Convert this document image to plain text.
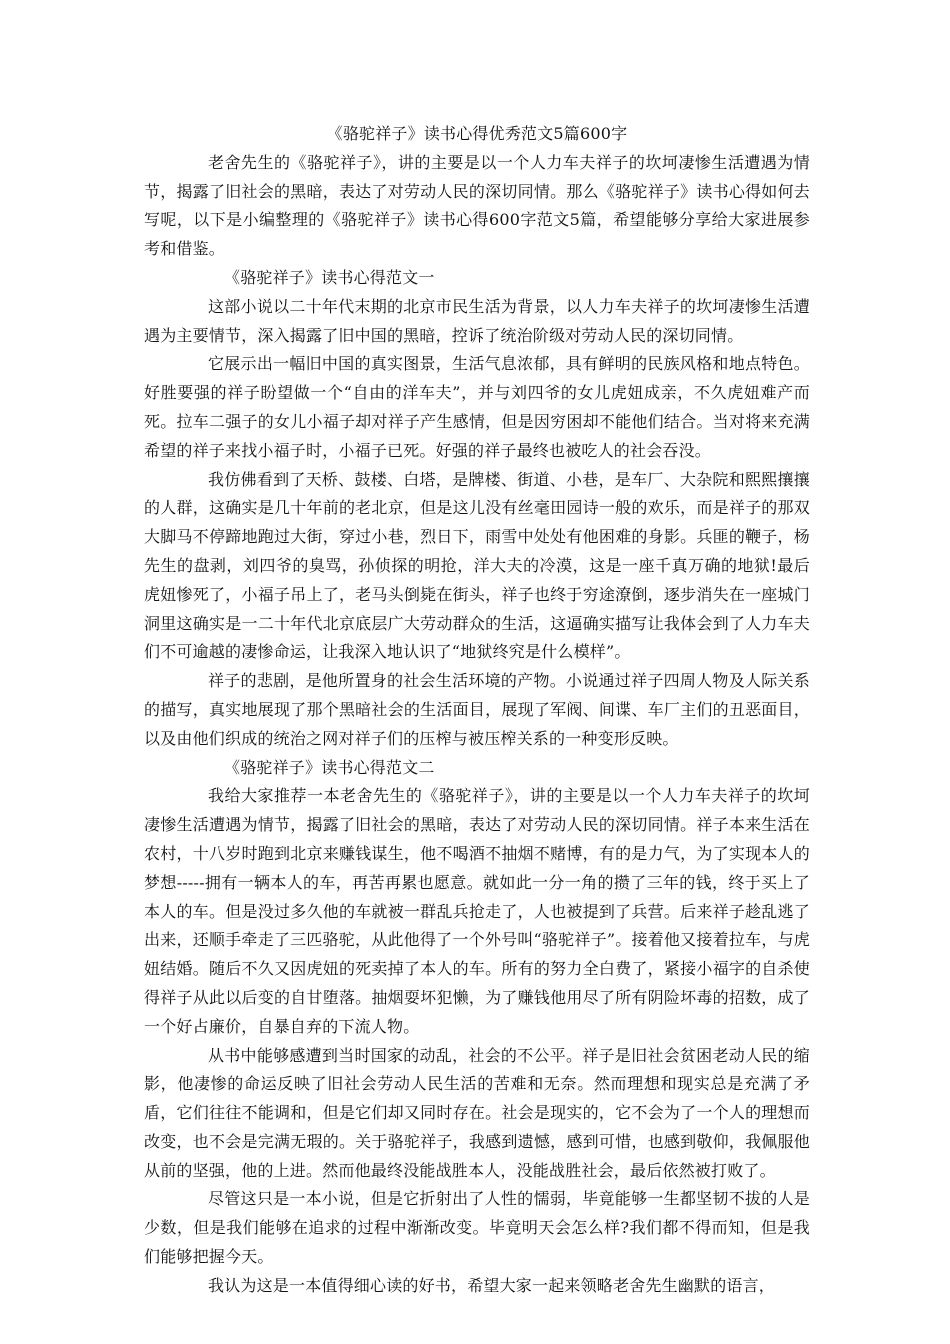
《骆驼祥子》读书心得优秀范文5篇600字

老舍先生的《骆驼祥子》，讲的主要是以一个人力车夫祥子的坎坷凄惨生活遭遇为情节，揭露了旧社会的黑暗，表达了对劳动人民的深切同情。那么《骆驼祥子》读书心得如何去写呢，以下是小编整理的《骆驼祥子》读书心得600字范文5篇，希望能够分享给大家进展参考和借鉴。

《骆驼祥子》读书心得范文一

这部小说以二十年代末期的北京市民生活为背景，以人力车夫祥子的坎坷凄惨生活遭遇为主要情节，深入揭露了旧中国的黑暗，控诉了统治阶级对劳动人民的深切同情。

它展示出一幅旧中国的真实图景，生活气息浓郁，具有鲜明的民族风格和地点特色。好胜要强的祥子盼望做一个“自由的洋车夫”，并与刘四爷的女儿虎妞成亲，不久虎妞难产而死。拉车二强子的女儿小福子却对祥子产生感情，但是因穷困却不能他们结合。当对将来充满希望的祥子来找小福子时，小福子已死。好强的祥子最终也被吃人的社会吞没。

我仿佛看到了天桥、鼓楼、白塔，是牌楼、街道、小巷，是车厂、大杂院和熙熙攘攘的人群，这确实是几十年前的老北京，但是这儿没有丝毫田园诗一般的欢乐，而是祥子的那双大脚马不停蹄地跑过大街，穿过小巷，烈日下，雨雪中处处有他困难的身影。兵匪的鞭子，杨先生的盘剥，刘四爷的臭骂，孙侦探的明抢，洋大夫的冷漠，这是一座千真万确的地狱!最后虎妞惨死了，小福子吊上了，老马头倒毙在街头，祥子也终于穷途潦倒，逐步消失在一座城门洞里这确实是一二十年代北京底层广大劳动群众的生活，这逼确实描写让我体会到了人力车夫们不可逾越的凄惨命运，让我深入地认识了“地狱终究是什么模样”。

祥子的悲剧，是他所置身的社会生活环境的产物。小说通过祥子四周人物及人际关系的描写，真实地展现了那个黑暗社会的生活面目，展现了军阀、间谍、车厂主们的丑恶面目，以及由他们织成的统治之网对祥子们的压榨与被压榨关系的一种变形反映。

《骆驼祥子》读书心得范文二

我给大家推荐一本老舍先生的《骆驼祥子》，讲的主要是以一个人力车夫祥子的坎坷凄惨生活遭遇为情节，揭露了旧社会的黑暗，表达了对劳动人民的深切同情。祥子本来生活在农村，十八岁时跑到北京来赚钱谋生，他不喝酒不抽烟不赌博，有的是力气，为了实现本人的梦想-----拥有一辆本人的车，再苦再累也愿意。就如此一分一角的攒了三年的钱，终于买上了本人的车。但是没过多久他的车就被一群乱兵抢走了，人也被提到了兵营。后来祥子趁乱逃了出来，还顺手牵走了三匹骆驼，从此他得了一个外号叫“骆驼祥子”。接着他又接着拉车，与虎妞结婚。随后不久又因虎妞的死卖掉了本人的车。所有的努力全白费了，紧接小福字的自杀使得祥子从此以后变的自甘堕落。抽烟耍坏犯懒，为了赚钱他用尽了所有阴险坏毒的招数，成了一个好占廉价，自暴自弃的下流人物。

从书中能够感遭到当时国家的动乱，社会的不公平。祥子是旧社会贫困老动人民的缩影，他凄惨的命运反映了旧社会劳动人民生活的苦难和无奈。然而理想和现实总是充满了矛盾，它们往往不能调和，但是它们却又同时存在。社会是现实的，它不会为了一个人的理想而改变，也不会是完满无瑕的。关于骆驼祥子，我感到遗憾，感到可惜，也感到敬仰，我佩服他从前的坚强，他的上进。然而他最终没能战胜本人，没能战胜社会，最后依然被打败了。

尽管这只是一本小说，但是它折射出了人性的懦弱，毕竟能够一生都坚韧不拔的人是少数，但是我们能够在追求的过程中渐渐改变。毕竟明天会怎么样?我们都不得而知，但是我们能够把握今天。

我认为这是一本值得细心读的好书，希望大家一起来领略老舍先生幽默的语言，
